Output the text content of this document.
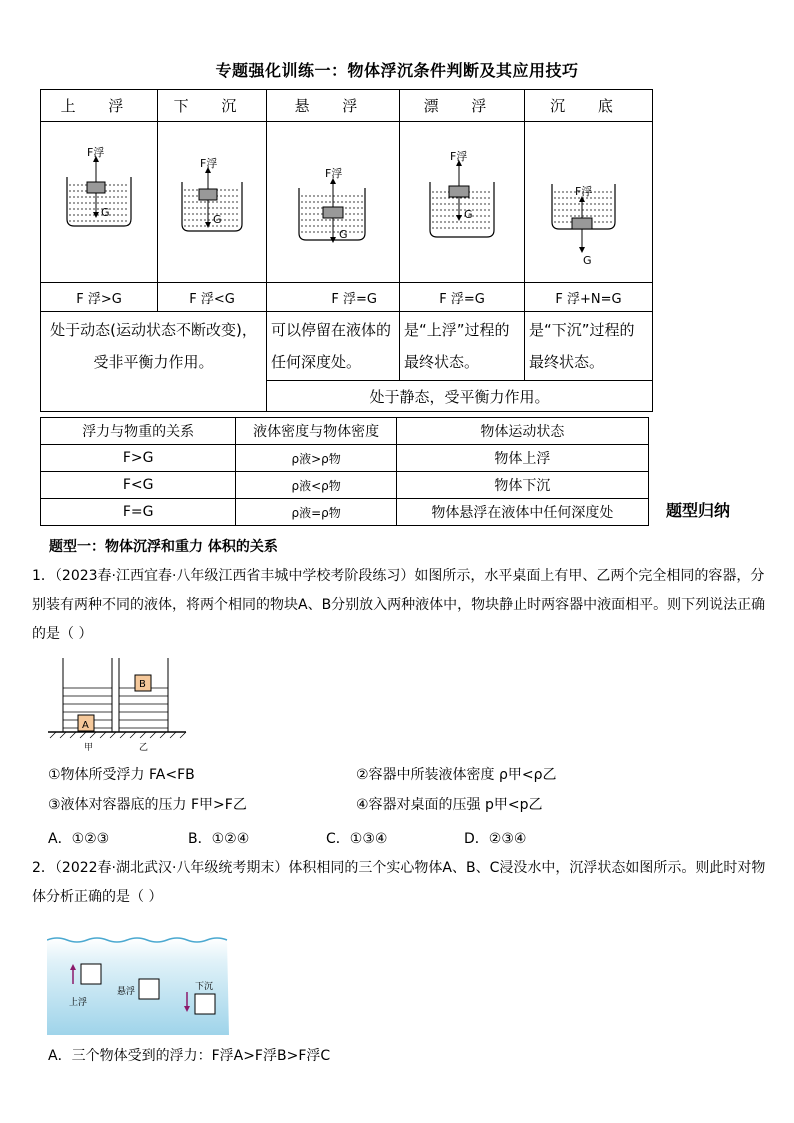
专题强化训练一：物体浮沉条件判断及其应用技巧
上 浮	下 沉	悬 浮	漂 浮	沉 底

F浮
G	F浮
G	F浮
G	F浮
G	F浮
G

F 浮>G	F 浮<G	F 浮=G	F 浮=G	F 浮+N=G
处于动态(运动状态不断改变)，受非平衡力作用。		可以停留在液体的任何深度处。	是“上浮”过程的最终状态。	是“下沉”过程的最终状态。
		处于静态，受平衡力作用。		
浮力与物重的关系	液体密度与物体密度	物体运动状态
F>G	ρ液>ρ物	物体上浮
F<G	ρ液<ρ物	物体下沉
F=G	ρ液=ρ物	物体悬浮在液体中任何深度处	题型归纳
题型一：物体沉浮和重力 体积的关系
1．（2023春·江西宜春·八年级江西省丰城中学校考阶段练习）如图所示，水平桌面上有甲、乙两个完全相同的容器，分别装有两种不同的液体，将两个相同的物块A、B分别放入两种液体中，物块静止时两容器中液面相平。则下列说法正确的是（ ）
A
B
甲	乙
①物体所受浮力 FA<FB	②容器中所装液体密度 ρ甲<ρ乙
③液体对容器底的压力 F甲>F乙	④容器对桌面的压强 p甲<p乙
A．①②③	B．①②④	C．①③④	D．②③④
2．（2022春·湖北武汉·八年级统考期末）体积相同的三个实心物体A、B、C浸没水中，沉浮状态如图所示。则此时对物体分析正确的是（ ）
上浮
悬浮	下沉
A．三个物体受到的浮力：F浮A>F浮B>F浮C
